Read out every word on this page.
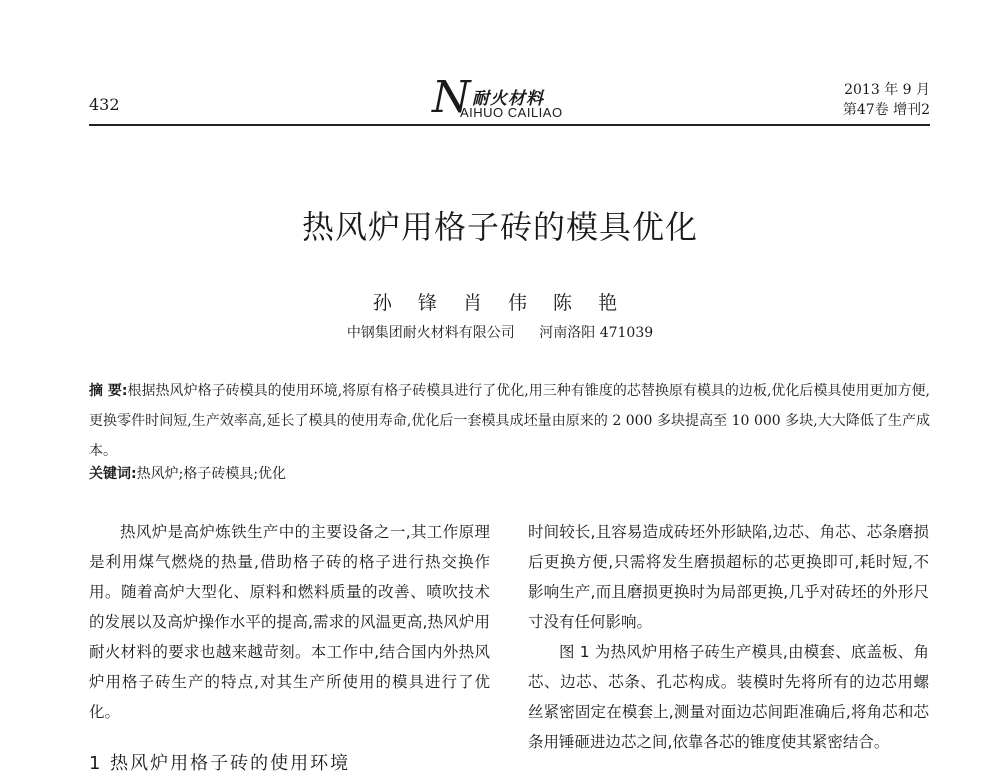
432	N 耐火材料
AIHUO CAILIAO
2013 年 9 月
第47卷 增刊2
热风炉用格子砖的模具优化
孙 锋 肖 伟 陈 艳
中钢集团耐火材料有限公司 河南洛阳 471039
摘 要:根据热风炉格子砖模具的使用环境,将原有格子砖模具进行了优化,用三种有锥度的芯替换原有模具的边板,优化后模具使用更加方便,更换零件时间短,生产效率高,延长了模具的使用寿命,优化后一套模具成坯量由原来的 2 000 多块提高至 10 000 多块,大大降低了生产成本。
关键词:热风炉;格子砖模具;优化

热风炉是高炉炼铁生产中的主要设备之一,其工作原理是利用煤气燃烧的热量,借助格子砖的格子进行热交换作用。随着高炉大型化、原料和燃料质量的改善、喷吹技术的发展以及高炉操作水平的提高,需求的风温更高,热风炉用耐火材料的要求也越来越苛刻。本工作中,结合国内外热风炉用格子砖生产的特点,对其生产所使用的模具进行了优化。

时间较长,且容易造成砖坯外形缺陷,边芯、角芯、芯条磨损后更换方便,只需将发生磨损超标的芯更换即可,耗时短,不影响生产,而且磨损更换时为局部更换,几乎对砖坯的外形尺寸没有任何影响。

图 1 为热风炉用格子砖生产模具,由模套、底盖板、角芯、边芯、芯条、孔芯构成。装模时先将所有的边芯用螺丝紧密固定在模套上,测量对面边芯间距准确后,将角芯和芯条用锤砸进边芯之间,依靠各芯的锥度使其紧密结合。

1 热风炉用格子砖的使用环境
